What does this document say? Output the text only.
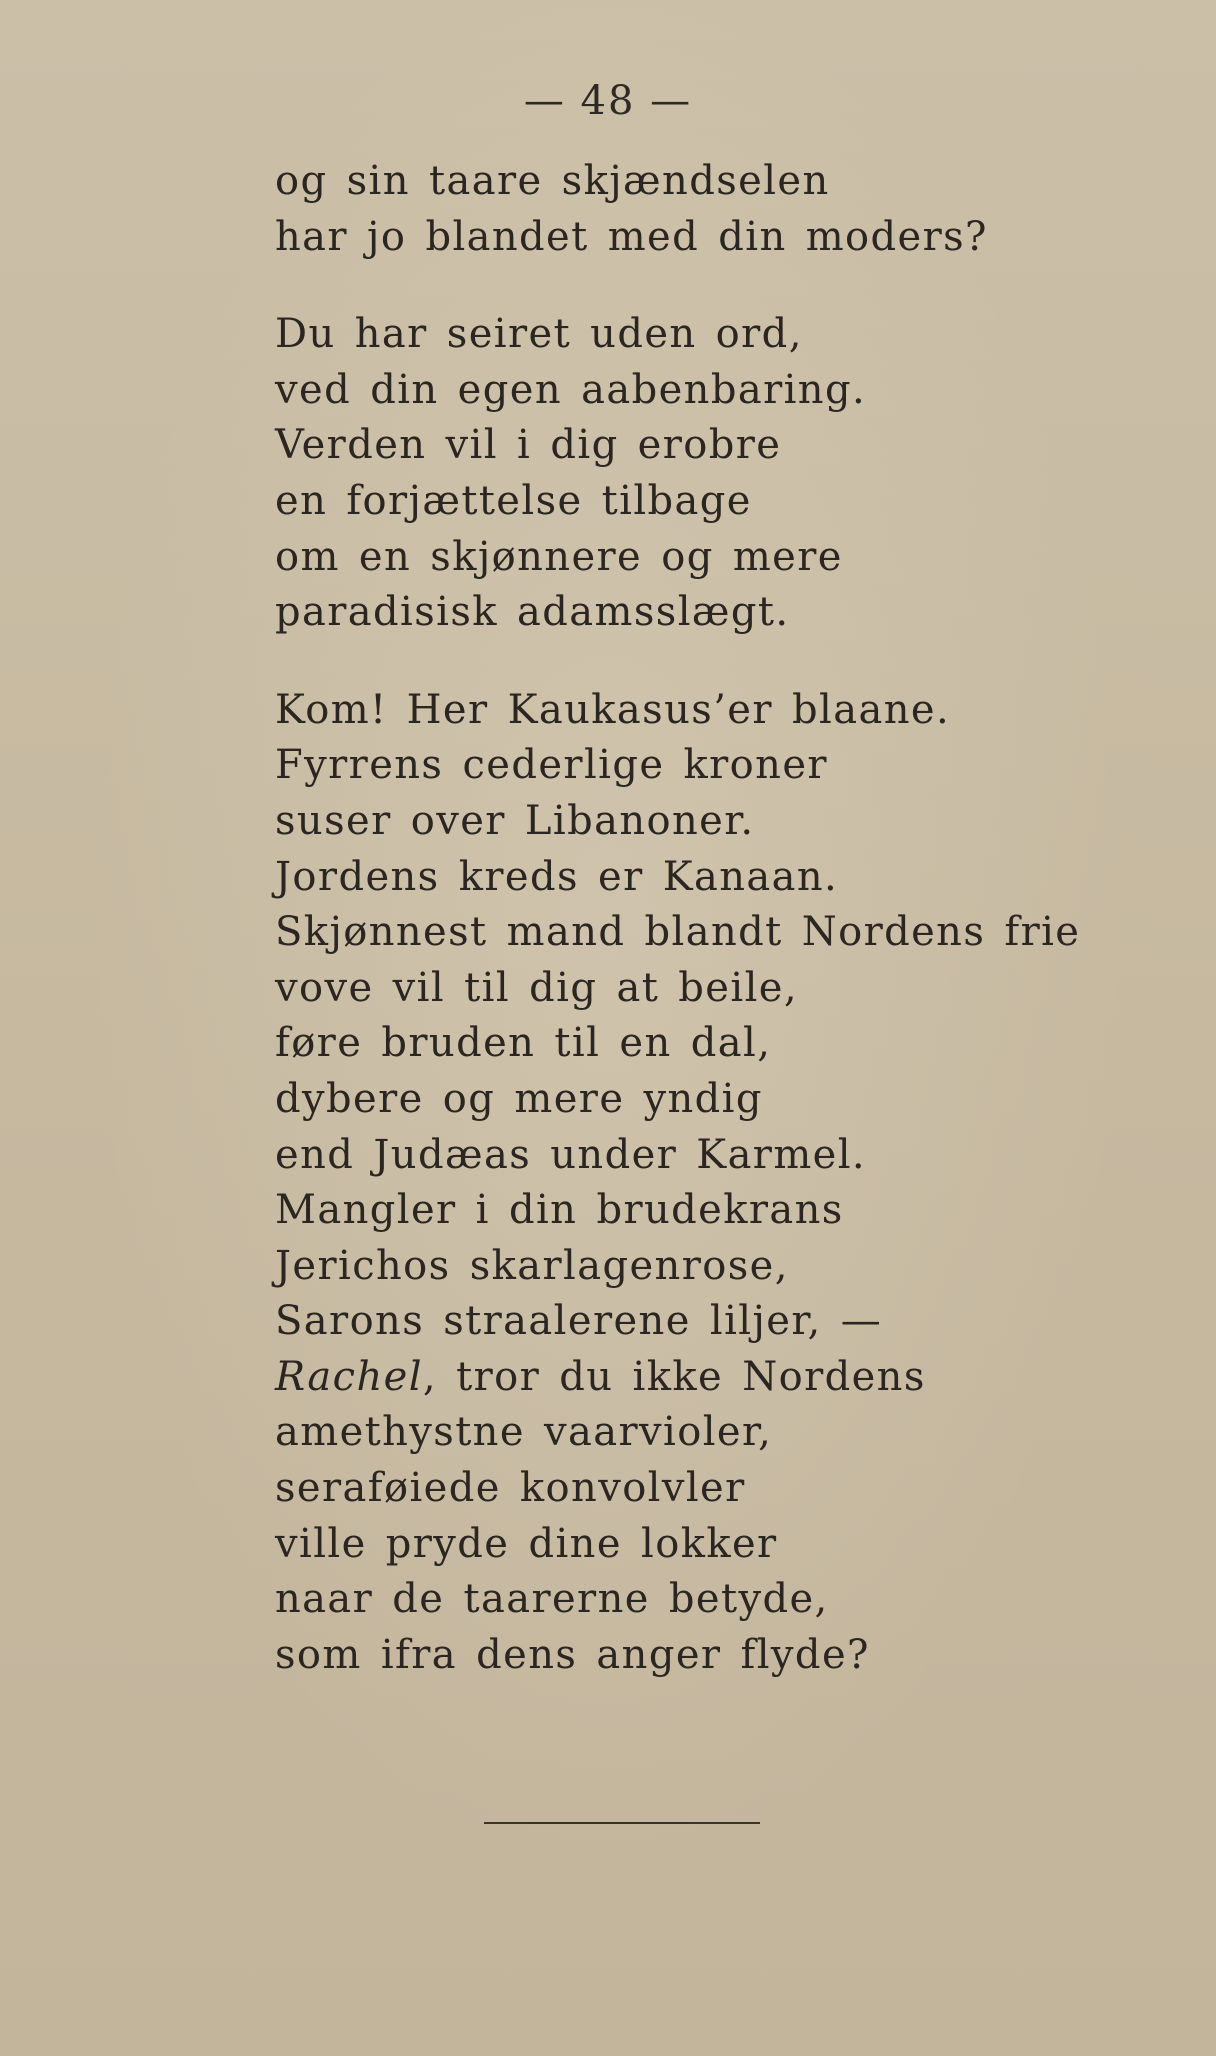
— 48 —
og sin taare skjændselen
har jo blandet med din moders?
Du har seiret uden ord,
ved din egen aabenbaring.
Verden vil i dig erobre
en forjættelse tilbage
om en skjønnere og mere
paradisisk adamsslægt.
Kom! Her Kaukasus’er blaane.
Fyrrens cederlige kroner
suser over Libanoner.
Jordens kreds er Kanaan.
Skjønnest mand blandt Nordens frie
vove vil til dig at beile,
føre bruden til en dal,
dybere og mere yndig
end Judæas under Karmel.
Mangler i din brudekrans
Jerichos skarlagenrose,
Sarons straalerene liljer, —
Rachel, tror du ikke Nordens
amethystne vaarvioler,
seraføiede konvolvler
ville pryde dine lokker
naar de taarerne betyde,
som ifra dens anger flyde?
